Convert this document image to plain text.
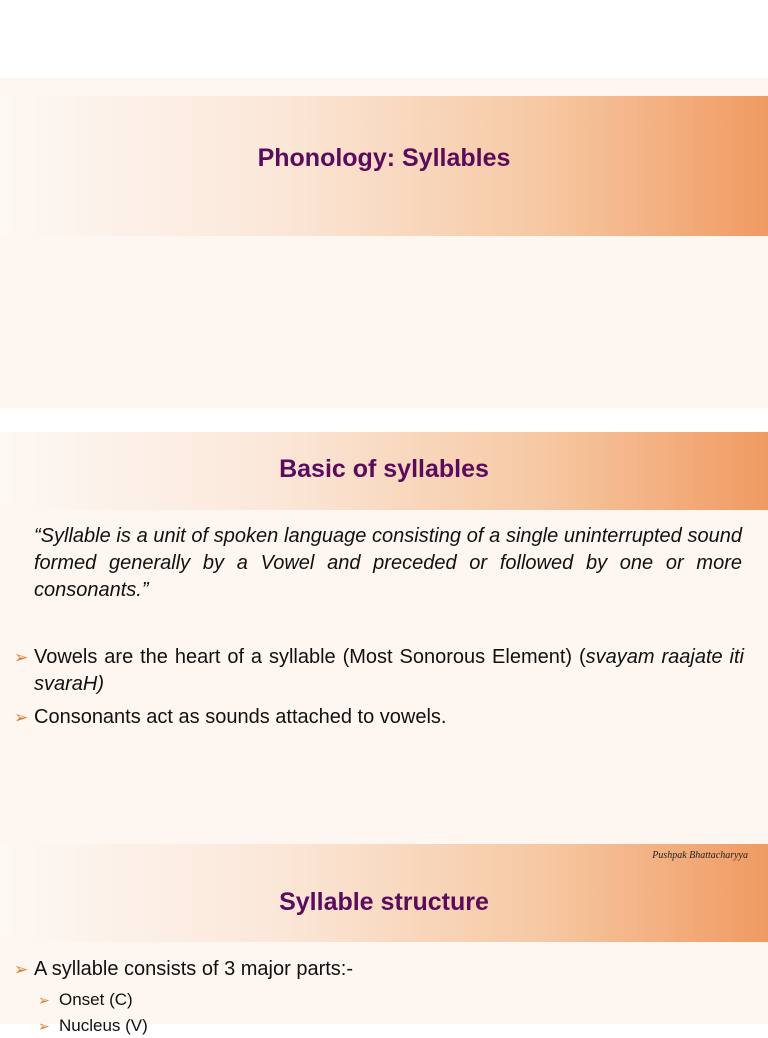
Phonology: Syllables
Basic of syllables
“Syllable is a unit of spoken language consisting of a single uninterrupted sound formed generally by a Vowel and preceded or followed by one or more consonants.”
➢ Vowels are the heart of a syllable (Most Sonorous Element) (svayam raajate iti svaraH)
➢ Consonants act as sounds attached to vowels.
Pushpak Bhattacharyya
Syllable structure
➢ A syllable consists of 3 major parts:-
➢ Onset (C)
➢ Nucleus (V)
